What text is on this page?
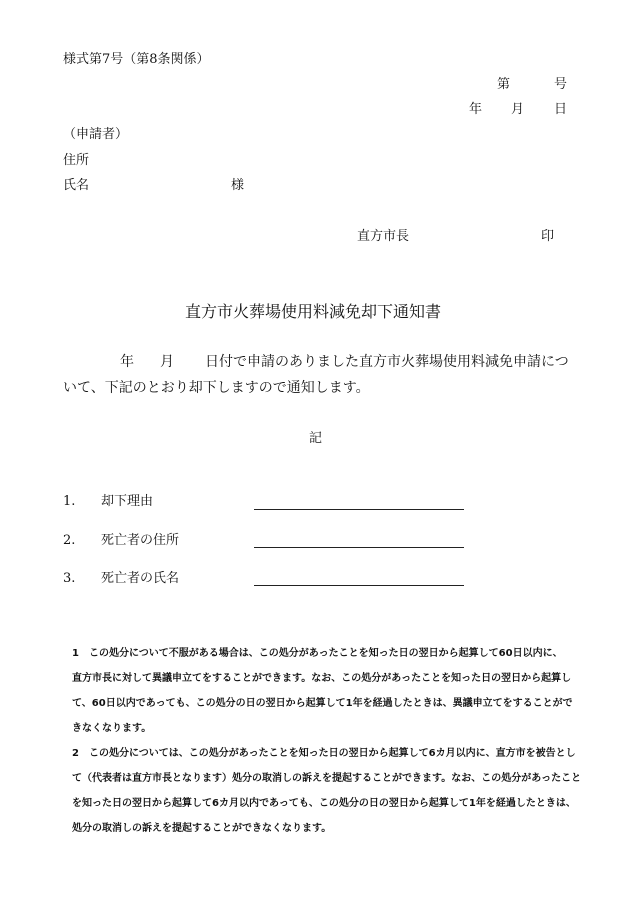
様式第7号（第8条関係）
第	号
年 月 日
（申請者）
住所
氏名	様
直方市長	印
直方市火葬場使用料減免却下通知書
年 月 日付で申請のありました直方市火葬場使用料減免申請につ
いて、下記のとおり却下しますので通知します。
記
1. 却下理由
2. 死亡者の住所
3. 死亡者の氏名
1　この処分について不服がある場合は、この処分があったことを知った日の翌日から起算して60日以内に、
直方市長に対して異議申立てをすることができます。なお、この処分があったことを知った日の翌日から起算し
て、60日以内であっても、この処分の日の翌日から起算して1年を経過したときは、異議申立てをすることがで
きなくなります。
2　この処分については、この処分があったことを知った日の翌日から起算して6カ月以内に、直方市を被告とし
て（代表者は直方市長となります）処分の取消しの訴えを提起することができます。なお、この処分があったこと
を知った日の翌日から起算して6カ月以内であっても、この処分の日の翌日から起算して1年を経過したときは、
処分の取消しの訴えを提起することができなくなります。
